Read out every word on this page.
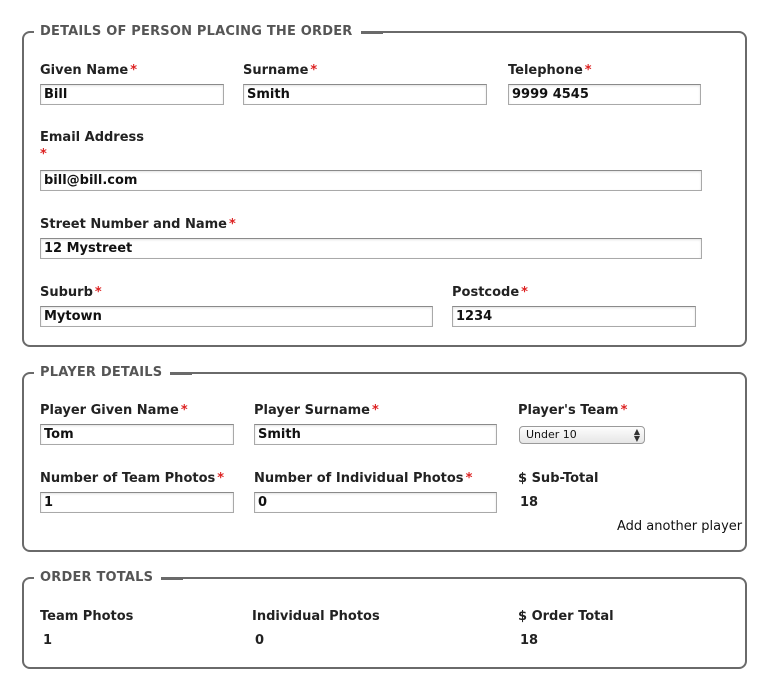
DETAILS OF PERSON PLACING THE ORDER
Given Name *
Bill	Surname *
Smith	Telephone *
9999 4545
Email Address
*
bill@bill.com
Street Number and Name *
12 Mystreet
Suburb *
Mytown	Postcode *
1234
PLAYER DETAILS
Player Given Name *
Tom	Player Surname *
Smith	Player's Team *
Under 10	▲
▼
Number of Team Photos *
1 Number of Individual Photos *
0	$ Sub-Total
18
Add another player
ORDER TOTALS
Team Photos
1
Individual Photos
0
$ Order Total
18
